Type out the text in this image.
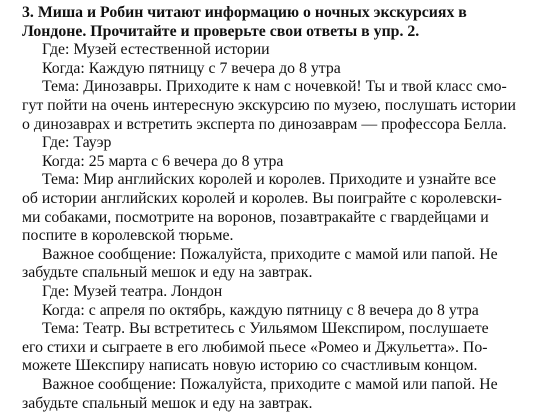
3. Миша и Робин читают информацию о ночных экскурсиях в
Лондоне. Прочитайте и проверьте свои ответы в упр. 2.
Где: Музей естественной истории
Когда: Каждую пятницу с 7 вечера до 8 утра
Тема: Динозавры. Приходите к нам с ночевкой! Ты и твой класс смо-
гут пойти на очень интересную экскурсию по музею, послушать истории
о динозаврах и встретить эксперта по динозаврам — профессора Белла.
Где: Тауэр
Когда: 25 марта с 6 вечера до 8 утра
Тема: Мир английских королей и королев. Приходите и узнайте все
об истории английских королей и королев. Вы поиграйте с королевски-
ми собаками, посмотрите на воронов, позавтракайте с гвардейцами и
поспите в королевской тюрьме.
Важное сообщение: Пожалуйста, приходите с мамой или папой. Не
забудьте спальный мешок и еду на завтрак.
Где: Музей театра. Лондон
Когда: с апреля по октябрь, каждую пятницу с 8 вечера до 8 утра
Тема: Театр. Вы встретитесь с Уильямом Шекспиром, послушаете
его стихи и сыграете в его любимой пьесе «Ромео и Джульетта». По-
можете Шекспиру написать новую историю со счастливым концом.
Важное сообщение: Пожалуйста, приходите с мамой или папой. Не
забудьте спальный мешок и еду на завтрак.
